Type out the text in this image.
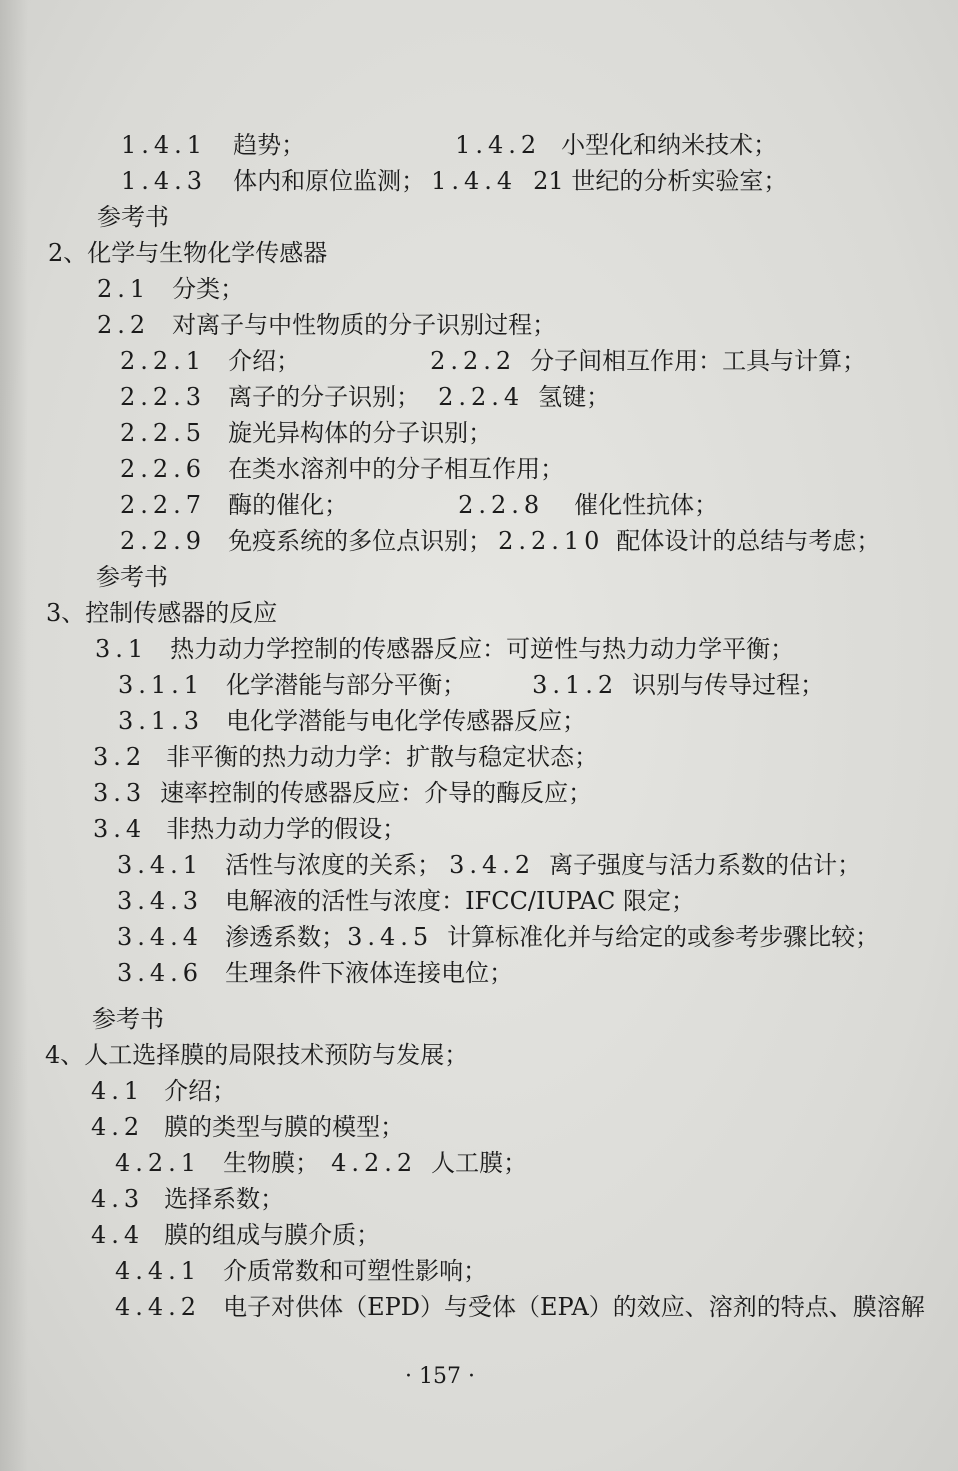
1.4.1 趋势；	1.4.2 小型化和纳米技术；
1.4.3 体内和原位监测； 1.4.4 21 世纪的分析实验室；
参考书
2、化学与生物化学传感器
2.1 分类；
2.2 对离子与中性物质的分子识别过程；
2.2.1 介绍；	2.2.2 分子间相互作用：工具与计算；
2.2.3 离子的分子识别； 2.2.4 氢键；
2.2.5 旋光异构体的分子识别；
2.2.6 在类水溶剂中的分子相互作用；
2.2.7 酶的催化；	2.2.8 催化性抗体；
2.2.9 免疫系统的多位点识别； 2.2.10 配体设计的总结与考虑；
参考书
3、控制传感器的反应
3.1 热力动力学控制的传感器反应：可逆性与热力动力学平衡；
3.1.1 化学潜能与部分平衡；	3.1.2 识别与传导过程；
3.1.3 电化学潜能与电化学传感器反应；
3.2 非平衡的热力动力学：扩散与稳定状态；
3.3 速率控制的传感器反应：介导的酶反应；
3.4 非热力动力学的假设；
3.4.1 活性与浓度的关系； 3.4.2 离子强度与活力系数的估计；
3.4.3 电解液的活性与浓度：IFCC/IUPAC 限定；
3.4.4 渗透系数；3.4.5 计算标准化并与给定的或参考步骤比较；
3.4.6 生理条件下液体连接电位；
参考书
4、人工选择膜的局限技术预防与发展；
4.1 介绍；
4.2 膜的类型与膜的模型；
4.2.1 生物膜； 4.2.2 人工膜；
4.3 选择系数；
4.4 膜的组成与膜介质；
4.4.1 介质常数和可塑性影响；
4.4.2 电子对供体（EPD）与受体（EPA）的效应、溶剂的特点、膜溶解
· 157 ·
